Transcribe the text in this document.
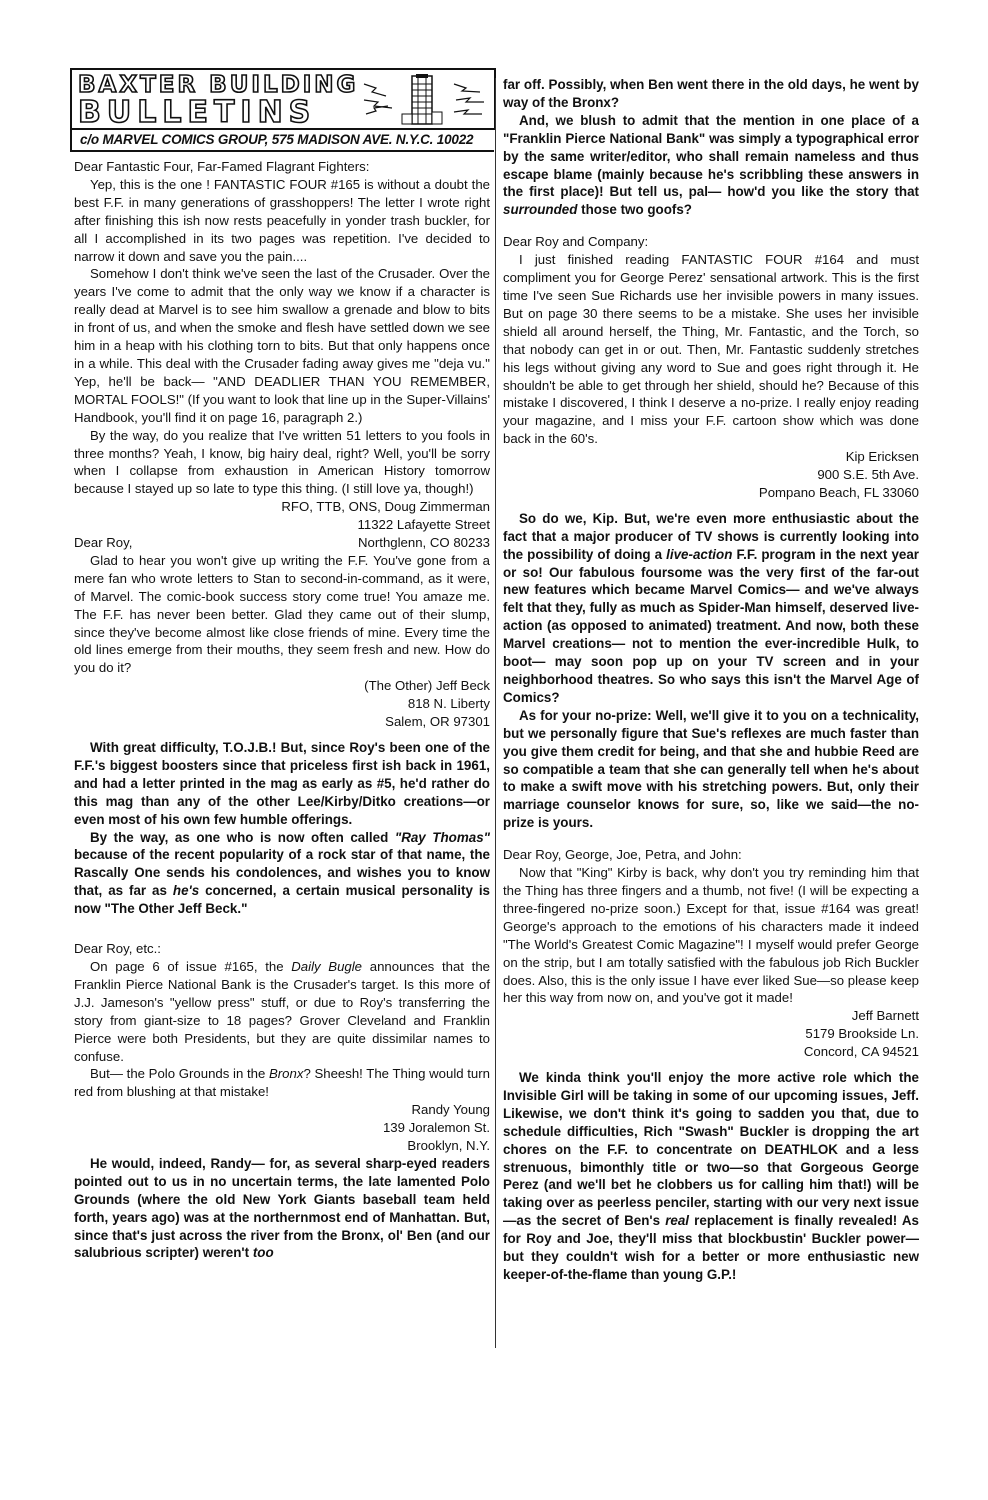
BAXTER BUILDING
BULLETINS
c/o MARVEL COMICS GROUP, 575 MADISON AVE. N.Y.C. 10022

Dear Fantastic Four, Far-Famed Flagrant Fighters:

Yep, this is the one ! FANTASTIC FOUR #165 is without a doubt the best F.F. in many generations of grasshoppers! The letter I wrote right after finishing this ish now rests peacefully in yonder trash buckler, for all I accomplished in its two pages was repetition. I've decided to narrow it down and save you the pain....

Somehow I don't think we've seen the last of the Crusader. Over the years I've come to admit that the only way we know if a character is really dead at Marvel is to see him swallow a grenade and blow to bits in front of us, and when the smoke and flesh have settled down we see him in a heap with his clothing torn to bits. But that only happens once in a while. This deal with the Crusader fading away gives me "deja vu." Yep, he'll be back— "AND DEADLIER THAN YOU REMEMBER, MORTAL FOOLS!" (If you want to look that line up in the Super-Villains' Handbook, you'll find it on page 16, paragraph 2.)

By the way, do you realize that I've written 51 letters to you fools in three months? Yeah, I know, big hairy deal, right? Well, you'll be sorry when I collapse from exhaustion in American History tomorrow because I stayed up so late to type this thing. (I still love ya, though!)

RFO, TTB, ONS, Doug Zimmerman

11322 Lafayette Street

Northglenn, CO 80233

Dear Roy,

Glad to hear you won't give up writing the F.F. You've gone from a mere fan who wrote letters to Stan to second-in-command, as it were, of Marvel. The comic-book success story come true! You amaze me. The F.F. has never been better. Glad they came out of their slump, since they've become almost like close friends of mine. Every time the old lines emerge from their mouths, they seem fresh and new. How do you do it?

(The Other) Jeff Beck

818 N. Liberty

Salem, OR 97301

With great difficulty, T.O.J.B.! But, since Roy's been one of the F.F.'s biggest boosters since that priceless first ish back in 1961, and had a letter printed in the mag as early as #5, he'd rather do this mag than any of the other Lee/Kirby/Ditko creations—or even most of his own few humble offerings.

By the way, as one who is now often called "Ray Thomas" because of the recent popularity of a rock star of that name, the Rascally One sends his condolences, and wishes you to know that, as far as he's concerned, a certain musical personality is now "The Other Jeff Beck."

Dear Roy, etc.:

On page 6 of issue #165, the Daily Bugle announces that the Franklin Pierce National Bank is the Crusader's target. Is this more of J.J. Jameson's "yellow press" stuff, or due to Roy's transferring the story from giant-size to 18 pages? Grover Cleveland and Franklin Pierce were both Presidents, but they are quite dissimilar names to confuse.

But— the Polo Grounds in the Bronx? Sheesh! The Thing would turn red from blushing at that mistake!

Randy Young

139 Joralemon St.

Brooklyn, N.Y.

He would, indeed, Randy— for, as several sharp-eyed readers pointed out to us in no uncertain terms, the late lamented Polo Grounds (where the old New York Giants baseball team held forth, years ago) was at the northernmost end of Manhattan. But, since that's just across the river from the Bronx, ol' Ben (and our salubrious scripter) weren't too

far off. Possibly, when Ben went there in the old days, he went by way of the Bronx?

And, we blush to admit that the mention in one place of a "Franklin Pierce National Bank" was simply a typographical error by the same writer/editor, who shall remain nameless and thus escape blame (mainly because he's scribbling these answers in the first place)! But tell us, pal— how'd you like the story that surrounded those two goofs?

Dear Roy and Company:

I just finished reading FANTASTIC FOUR #164 and must compliment you for George Perez' sensational artwork. This is the first time I've seen Sue Richards use her invisible powers in many issues. But on page 30 there seems to be a mistake. She uses her invisible shield all around herself, the Thing, Mr. Fantastic, and the Torch, so that nobody can get in or out. Then, Mr. Fantastic suddenly stretches his legs without giving any word to Sue and goes right through it. He shouldn't be able to get through her shield, should he? Because of this mistake I discovered, I think I deserve a no-prize. I really enjoy reading your magazine, and I miss your F.F. cartoon show which was done back in the 60's.

Kip Ericksen

900 S.E. 5th Ave.

Pompano Beach, FL 33060

So do we, Kip. But, we're even more enthusiastic about the fact that a major producer of TV shows is currently looking into the possibility of doing a live-action F.F. program in the next year or so! Our fabulous foursome was the very first of the far-out new features which became Marvel Comics— and we've always felt that they, fully as much as Spider-Man himself, deserved live-action (as opposed to animated) treatment. And now, both these Marvel creations— not to mention the ever-incredible Hulk, to boot— may soon pop up on your TV screen and in your neighborhood theatres. So who says this isn't the Marvel Age of Comics?

As for your no-prize: Well, we'll give it to you on a technicality, but we personally figure that Sue's reflexes are much faster than you give them credit for being, and that she and hubbie Reed are so compatible a team that she can generally tell when he's about to make a swift move with his stretching powers. But, only their marriage counselor knows for sure, so, like we said—the no-prize is yours.

Dear Roy, George, Joe, Petra, and John:

Now that "King" Kirby is back, why don't you try reminding him that the Thing has three fingers and a thumb, not five! (I will be expecting a three-fingered no-prize soon.) Except for that, issue #164 was great! George's approach to the emotions of his characters made it indeed "The World's Greatest Comic Magazine"! I myself would prefer George on the strip, but I am totally satisfied with the fabulous job Rich Buckler does. Also, this is the only issue I have ever liked Sue—so please keep her this way from now on, and you've got it made!

Jeff Barnett

5179 Brookside Ln.

Concord, CA 94521

We kinda think you'll enjoy the more active role which the Invisible Girl will be taking in some of our upcoming issues, Jeff. Likewise, we don't think it's going to sadden you that, due to schedule difficulties, Rich "Swash" Buckler is dropping the art chores on the F.F. to concentrate on DEATHLOK and a less strenuous, bimonthly title or two—so that Gorgeous George Perez (and we'll bet he clobbers us for calling him that!) will be taking over as peerless penciler, starting with our very next issue—as the secret of Ben's real replacement is finally revealed! As for Roy and Joe, they'll miss that blockbustin' Buckler power—but they couldn't wish for a better or more enthusiastic new keeper-of-the-flame than young G.P.!
